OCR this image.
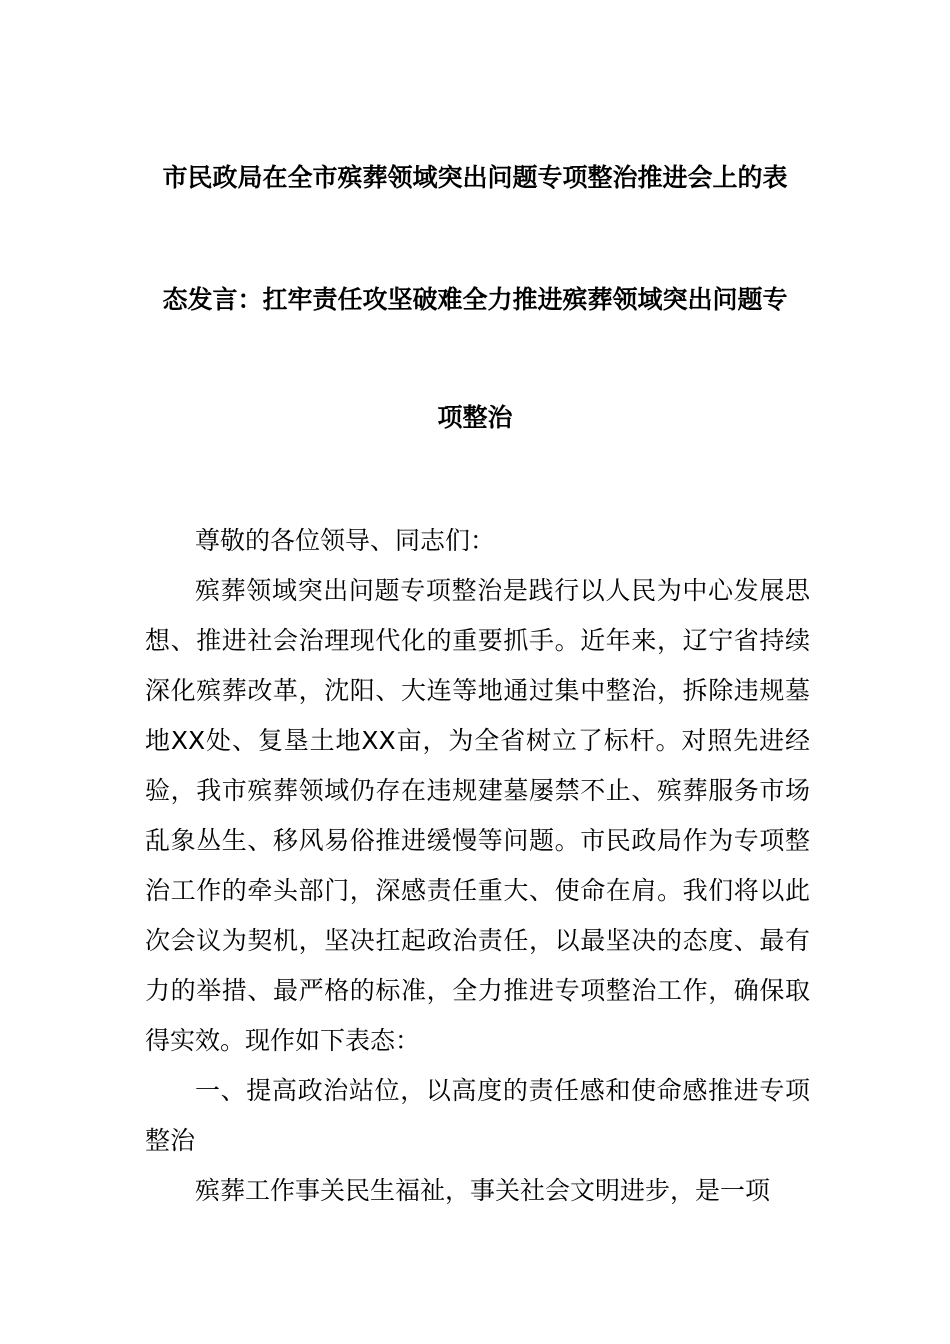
市民政局在全市殡葬领域突出问题专项整治推进会上的表
态发言：扛牢责任攻坚破难全力推进殡葬领域突出问题专
项整治

尊敬的各位领导、同志们：

殡葬领域突出问题专项整治是践行以人民为中心发展思想、推进社会治理现代化的重要抓手。近年来，辽宁省持续深化殡葬改革，沈阳、大连等地通过集中整治，拆除违规墓地XX处、复垦土地XX亩，为全省树立了标杆。对照先进经验，我市殡葬领域仍存在违规建墓屡禁不止、殡葬服务市场乱象丛生、移风易俗推进缓慢等问题。市民政局作为专项整治工作的牵头部门，深感责任重大、使命在肩。我们将以此次会议为契机，坚决扛起政治责任，以最坚决的态度、最有力的举措、最严格的标准，全力推进专项整治工作，确保取得实效。现作如下表态：

一、提高政治站位，以高度的责任感和使命感推进专项整治

殡葬工作事关民生福祉，事关社会文明进步，是一项
